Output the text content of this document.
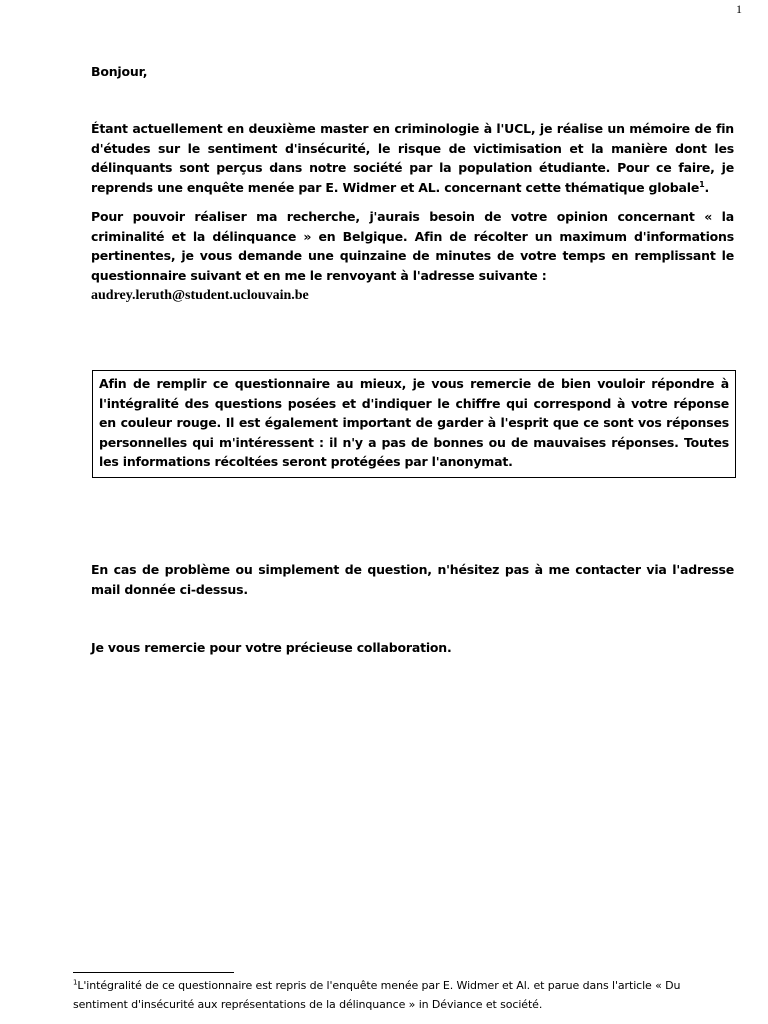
1

Bonjour,

Étant actuellement en deuxième master en criminologie à l'UCL, je réalise un mémoire de fin d'études sur le sentiment d'insécurité, le risque de victimisation et la manière dont les délinquants sont perçus dans notre société par la population étudiante. Pour ce faire, je reprends une enquête menée par E. Widmer et AL. concernant cette thématique globale$^1$.

Pour pouvoir réaliser ma recherche, j'aurais besoin de votre opinion concernant « la criminalité et la délinquance » en Belgique. Afin de récolter un maximum d'informations pertinentes, je vous demande une quinzaine de minutes de votre temps en remplissant le questionnaire suivant et en me le renvoyant à l'adresse suivante :
audrey.leruth@student.uclouvain.be

Afin de remplir ce questionnaire au mieux, je vous remercie de bien vouloir répondre à l'intégralité des questions posées et d'indiquer le chiffre qui correspond à votre réponse en couleur rouge. Il est également important de garder à l'esprit que ce sont vos réponses personnelles qui m'intéressent : il n'y a pas de bonnes ou de mauvaises réponses. Toutes les informations récoltées seront protégées par l'anonymat.

En cas de problème ou simplement de question, n'hésitez pas à me contacter via l'adresse mail donnée ci-dessus.

Je vous remercie pour votre précieuse collaboration.

$^1$L'intégralité de ce questionnaire est repris de l'enquête menée par E. Widmer et Al. et parue dans l'article « Du sentiment d'insécurité aux représentations de la délinquance » in Déviance et société.
